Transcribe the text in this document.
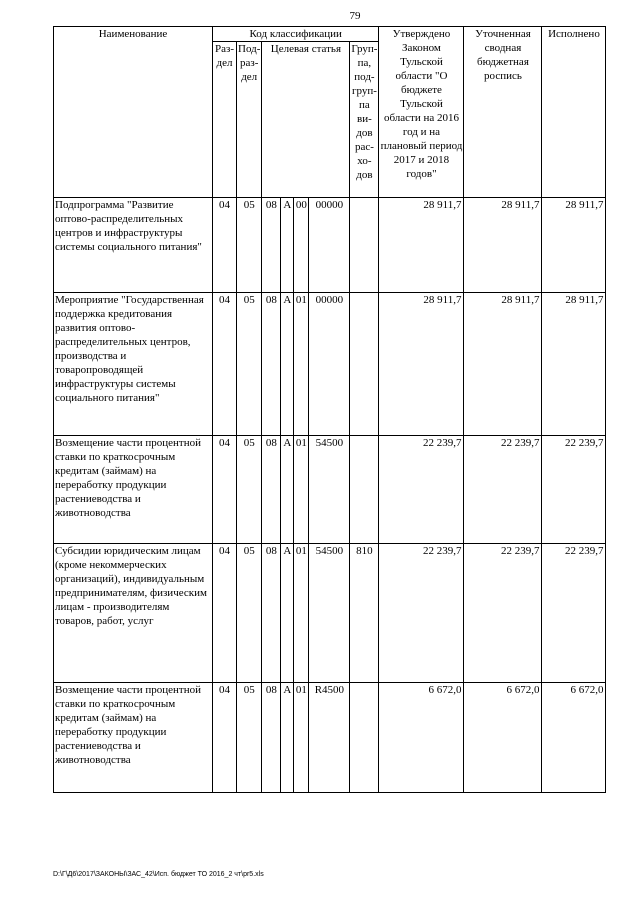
79
Наименование	Код классификации							Утверждено Законом Тульской области "О бюджете Тульской области на 2016 год и на плановый период 2017 и 2018 годов"	Уточненная сводная бюджетная роспись	Исполнено
	Раз-дел	Под-раз-дел	Целевая статья				Груп-па, под-груп-па ви-дов рас-хо-дов			
Подпрограмма "Развитие оптово-распределительных центров и инфраструктуры системы социального питания"	04	05	08	А	00	00000		28 911,7	28 911,7	28 911,7
Мероприятие "Государственная поддержка кредитования развития оптово-распределительных центров, производства и товаропроводящей инфраструктуры системы социального питания"	04	05	08	А	01	00000		28 911,7	28 911,7	28 911,7
Возмещение части процентной ставки по краткосрочным кредитам (займам) на переработку продукции растениеводства и животноводства	04	05	08	А	01	54500		22 239,7	22 239,7	22 239,7
Субсидии юридическим лицам (кроме некоммерческих организаций), индивидуальным предпринимателям, физическим лицам - производителям товаров, работ, услуг	04	05	08	А	01	54500	810	22 239,7	22 239,7	22 239,7
Возмещение части процентной ставки по краткосрочным кредитам (займам) на переработку продукции растениеводства и животноводства	04	05	08	А	01	R4500		6 672,0	6 672,0	6 672,0
D:\Г\Д6\2017\ЗАКОНЫ\ЗАС_42\Исп. бюджет ТО 2016_2 чт\pr5.xls
